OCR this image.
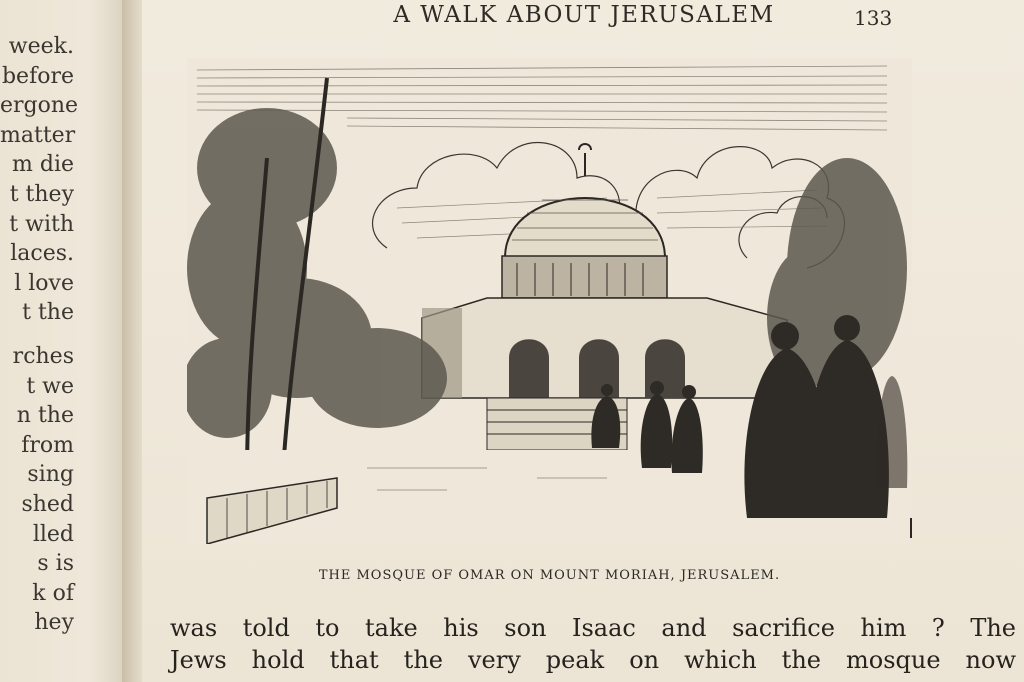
week.
before
ergone
matter
m die
t they
t with
laces.
l love
t the
rches
t we
n the
from
sing
shed
lled
s is
k of
hey
A WALK ABOUT JERUSALEM	133
THE MOSQUE OF OMAR ON MOUNT MORIAH, JERUSALEM.
was told to take his son Isaac and sacrifice him ? The
Jews hold that the very peak on which the mosque now
